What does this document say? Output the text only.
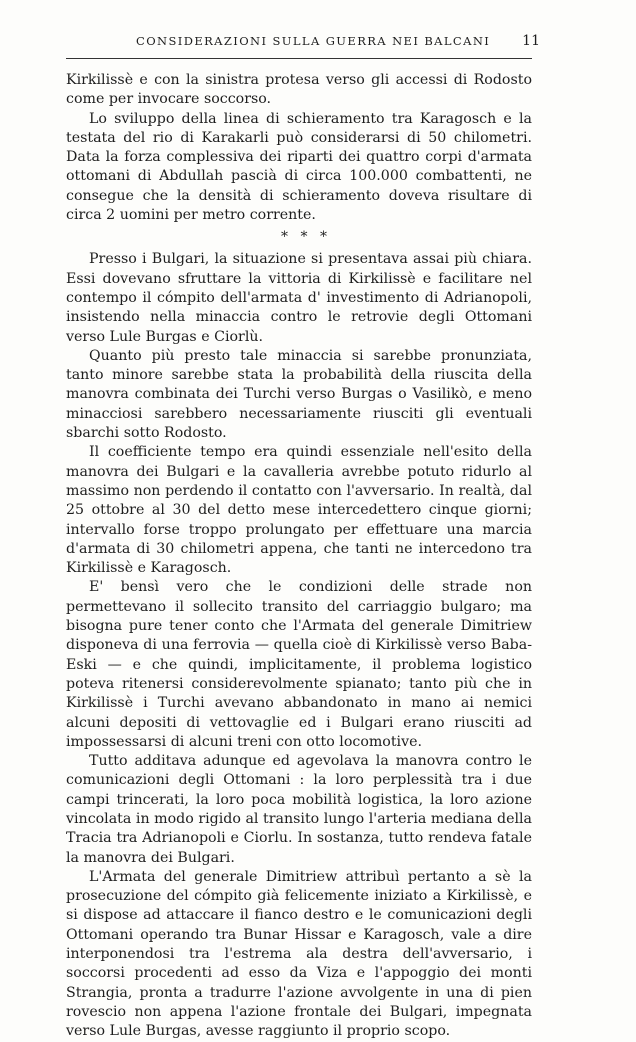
CONSIDERAZIONI SULLA GUERRA NEI BALCANI 11

Kirkilissè e con la sinistra protesa verso gli accessi di Rodosto come per invocare soccorso.

Lo sviluppo della linea di schieramento tra Karagosch e la testata del rio di Karakarli può considerarsi di 50 chilometri. Data la forza complessiva dei riparti dei quattro corpi d'armata ottomani di Abdullah pascià di circa 100.000 combattenti, ne consegue che la densità di schieramento doveva risultare di circa 2 uomini per metro corrente.

* * *

Presso i Bulgari, la situazione si presentava assai più chiara. Essi dovevano sfruttare la vittoria di Kirkilissè e facilitare nel contempo il cómpito dell'armata d' investimento di Adrianopoli, insistendo nella minaccia contro le retrovie degli Ottomani verso Lule Burgas e Ciorlù.

Quanto più presto tale minaccia si sarebbe pronunziata, tanto minore sarebbe stata la probabilità della riuscita della manovra combinata dei Turchi verso Burgas o Vasilikò, e meno minacciosi sarebbero necessariamente riusciti gli eventuali sbarchi sotto Rodosto.

Il coefficiente tempo era quindi essenziale nell'esito della manovra dei Bulgari e la cavalleria avrebbe potuto ridurlo al massimo non perdendo il contatto con l'avversario. In realtà, dal 25 ottobre al 30 del detto mese intercedettero cinque giorni; intervallo forse troppo prolungato per effettuare una marcia d'armata di 30 chilometri appena, che tanti ne intercedono tra Kirkilissè e Karagosch.

E' bensì vero che le condizioni delle strade non permettevano il sollecito transito del carriaggio bulgaro; ma bisogna pure tener conto che l'Armata del generale Dimitriew disponeva di una ferrovia — quella cioè di Kirkilissè verso Baba-Eski — e che quindi, implicitamente, il problema logistico poteva ritenersi considerevolmente spianato; tanto più che in Kirkilissè i Turchi avevano abbandonato in mano ai nemici alcuni depositi di vettovaglie ed i Bulgari erano riusciti ad impossessarsi di alcuni treni con otto locomotive.

Tutto additava adunque ed agevolava la manovra contro le comunicazioni degli Ottomani : la loro perplessità tra i due campi trincerati, la loro poca mobilità logistica, la loro azione vincolata in modo rigido al transito lungo l'arteria mediana della Tracia tra Adrianopoli e Ciorlu. In sostanza, tutto rendeva fatale la manovra dei Bulgari.

L'Armata del generale Dimitriew attribuì pertanto a sè la prosecuzione del cómpito già felicemente iniziato a Kirkilissè, e si dispose ad attaccare il fianco destro e le comunicazioni degli Ottomani operando tra Bunar Hissar e Karagosch, vale a dire interponendosi tra l'estrema ala destra dell'avversario, i soccorsi procedenti ad esso da Viza e l'appoggio dei monti Strangia, pronta a tradurre l'azione avvolgente in una di pien rovescio non appena l'azione frontale dei Bulgari, impegnata verso Lule Burgas, avesse raggiunto il proprio scopo.
